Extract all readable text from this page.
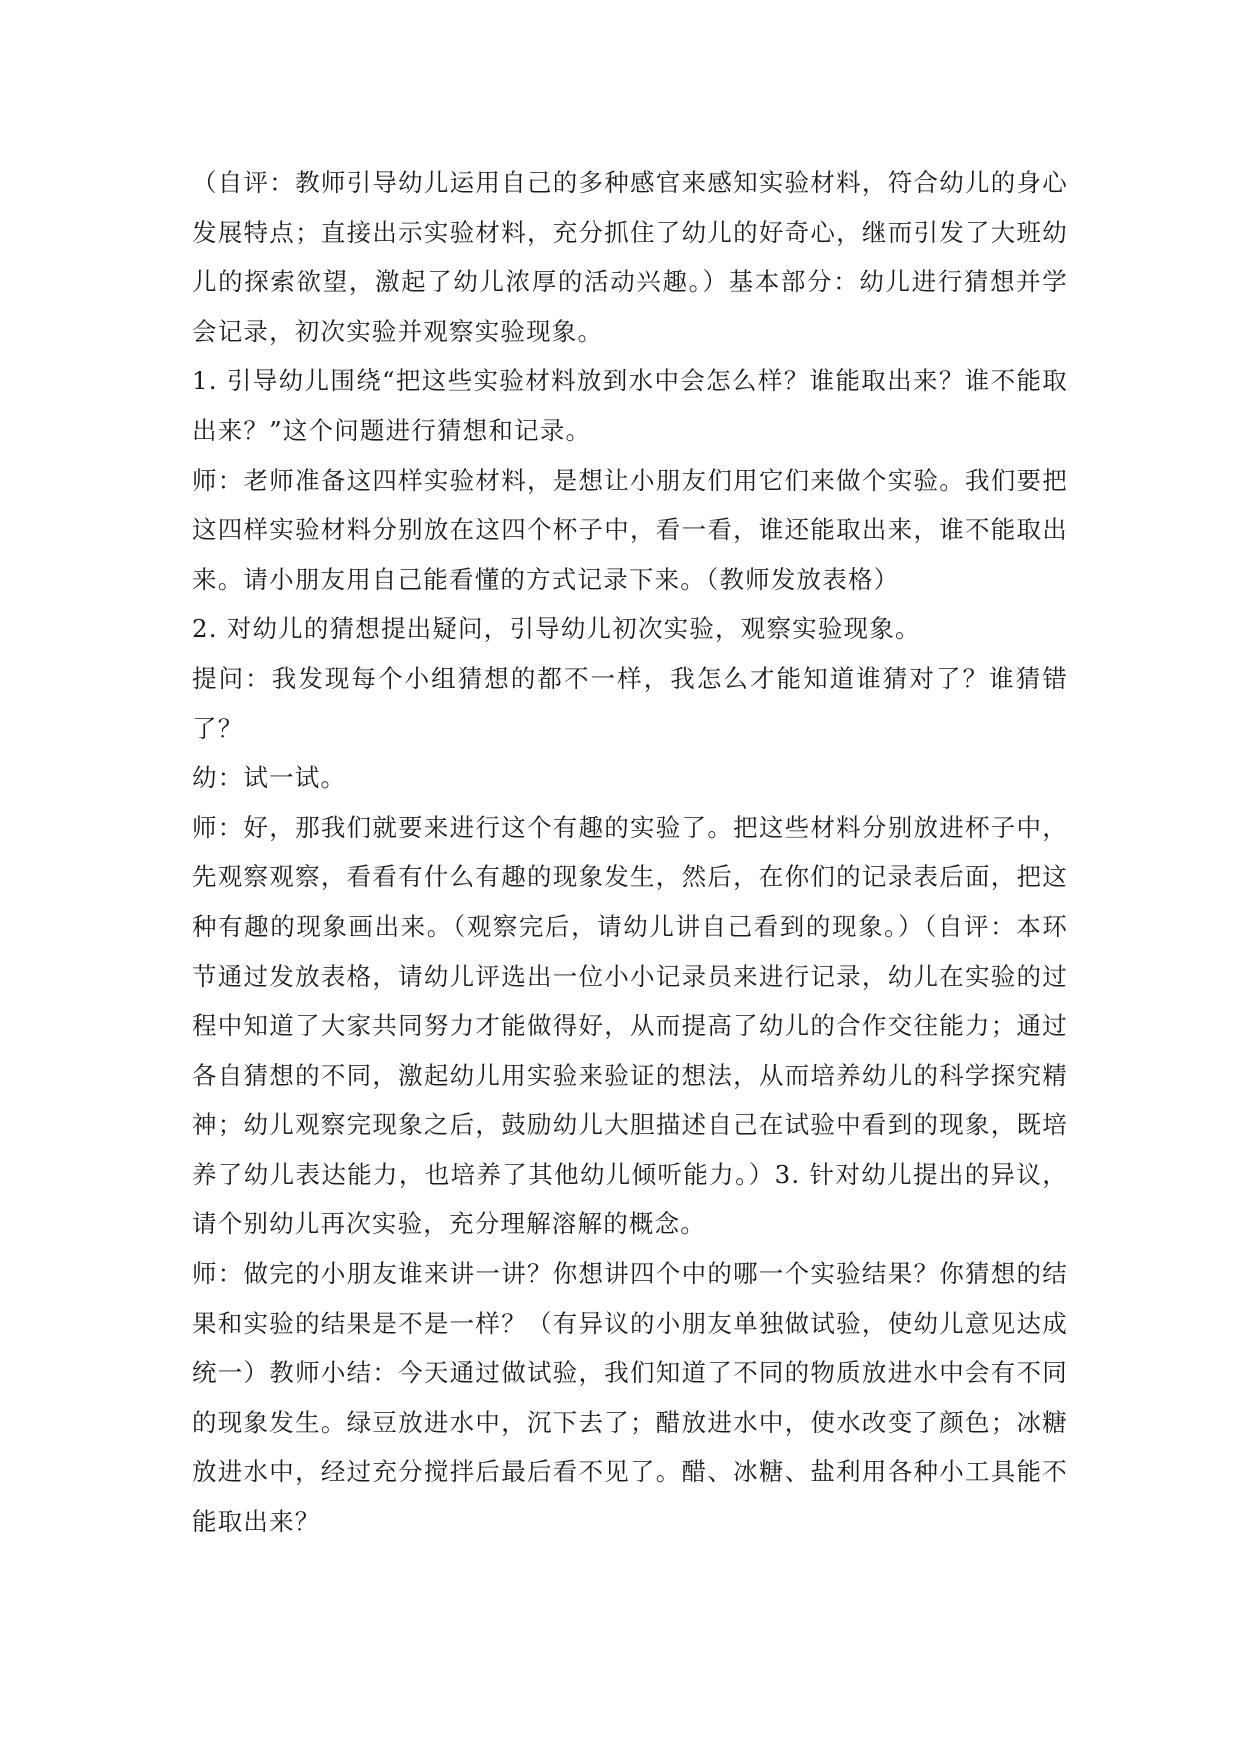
（自评：教师引导幼儿运用自己的多种感官来感知实验材料，符合幼儿的身心发展特点；直接出示实验材料，充分抓住了幼儿的好奇心，继而引发了大班幼儿的探索欲望，激起了幼儿浓厚的活动兴趣。）基本部分：幼儿进行猜想并学会记录，初次实验并观察实验现象。

1. 引导幼儿围绕“把这些实验材料放到水中会怎么样？谁能取出来？谁不能取出来？”这个问题进行猜想和记录。

师：老师准备这四样实验材料，是想让小朋友们用它们来做个实验。我们要把这四样实验材料分别放在这四个杯子中，看一看，谁还能取出来，谁不能取出来。请小朋友用自己能看懂的方式记录下来。（教师发放表格）

2. 对幼儿的猜想提出疑问，引导幼儿初次实验，观察实验现象。

提问：我发现每个小组猜想的都不一样，我怎么才能知道谁猜对了？谁猜错了？

幼：试一试。

师：好，那我们就要来进行这个有趣的实验了。把这些材料分别放进杯子中，先观察观察，看看有什么有趣的现象发生，然后，在你们的记录表后面，把这种有趣的现象画出来。（观察完后，请幼儿讲自己看到的现象。）（自评：本环节通过发放表格，请幼儿评选出一位小小记录员来进行记录，幼儿在实验的过程中知道了大家共同努力才能做得好，从而提高了幼儿的合作交往能力；通过各自猜想的不同，激起幼儿用实验来验证的想法，从而培养幼儿的科学探究精神；幼儿观察完现象之后，鼓励幼儿大胆描述自己在试验中看到的现象，既培养了幼儿表达能力，也培养了其他幼儿倾听能力。）3. 针对幼儿提出的异议，请个别幼儿再次实验，充分理解溶解的概念。

师：做完的小朋友谁来讲一讲？你想讲四个中的哪一个实验结果？你猜想的结果和实验的结果是不是一样？（有异议的小朋友单独做试验，使幼儿意见达成统一）教师小结：今天通过做试验，我们知道了不同的物质放进水中会有不同的现象发生。绿豆放进水中，沉下去了；醋放进水中，使水改变了颜色；冰糖放进水中，经过充分搅拌后最后看不见了。醋、冰糖、盐利用各种小工具能不能取出来？
